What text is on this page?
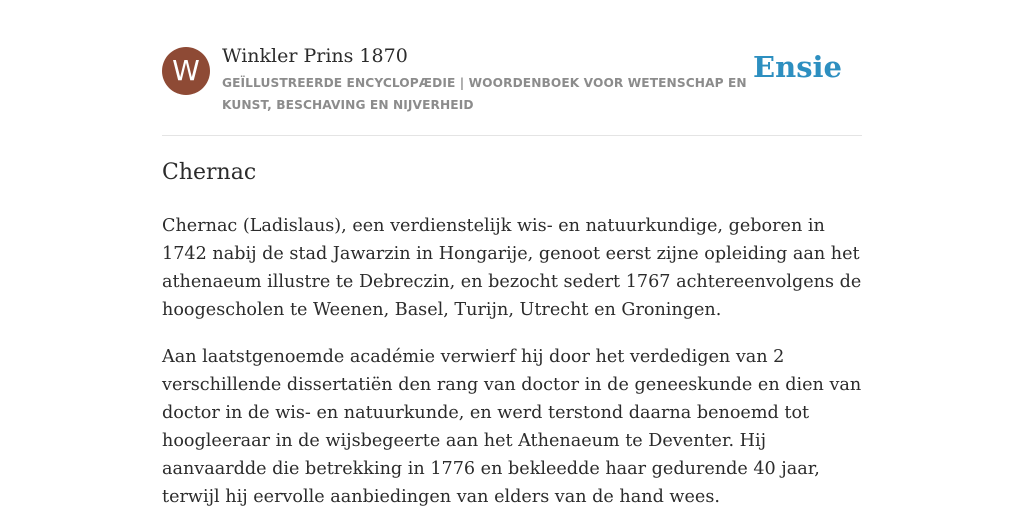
W	Winkler Prins 1870
GEÏLLUSTREERDE ENCYCLOPÆDIE | WOORDENBOEK VOOR WETENSCHAP EN KUNST, BESCHAVING EN NIJVERHEID
Ensie
Chernac

Chernac (Ladislaus), een verdienstelijk wis- en natuurkundige, geboren in 1742 nabij de stad Jawarzin in Hongarije, genoot eerst zijne opleiding aan het athenaeum illustre te Debreczin, en bezocht sedert 1767 achtereenvolgens de hoogescholen te Weenen, Basel, Turijn, Utrecht en Groningen.

Aan laatstgenoemde académie verwierf hij door het verdedigen van 2 verschillende dissertatiën den rang van doctor in de geneeskunde en dien van doctor in de wis- en natuurkunde, en werd terstond daarna benoemd tot hoogleeraar in de wijsbegeerte aan het Athenaeum te Deventer. Hij aanvaardde die betrekking in 1776 en bekleedde haar gedurende 40 jaar, terwijl hij eervolle aanbiedingen van elders van de hand wees.
